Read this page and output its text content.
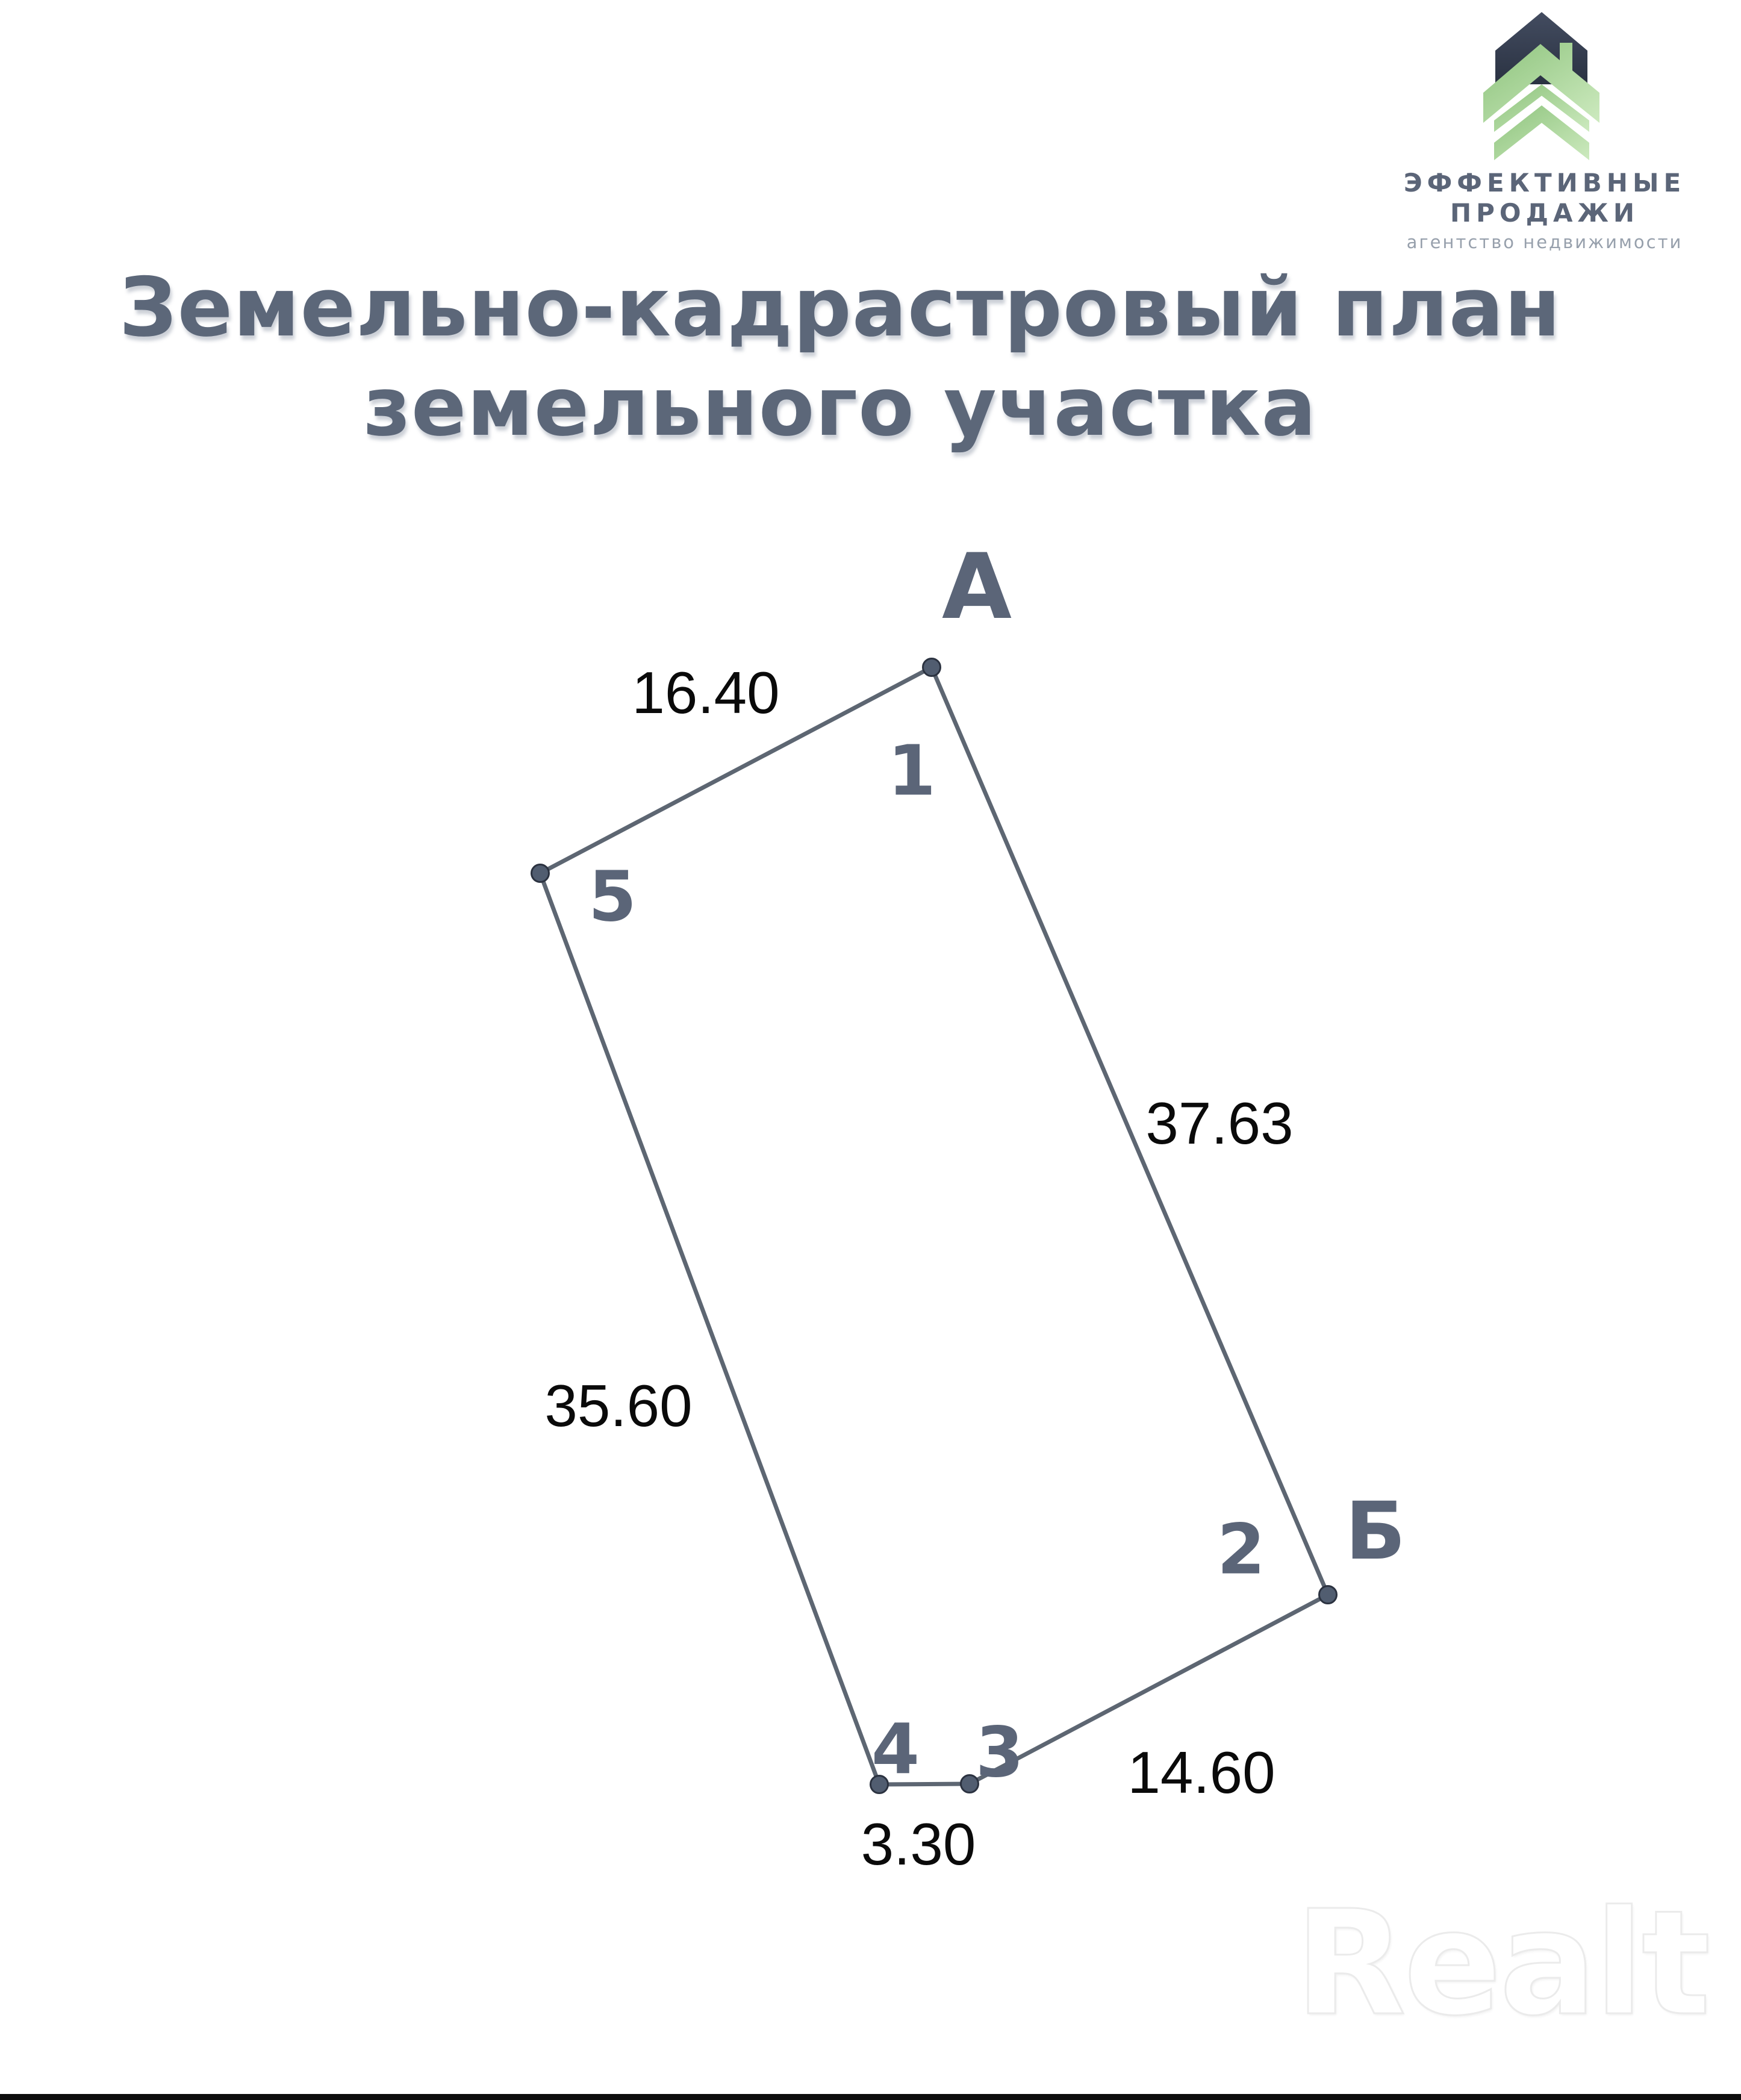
Земельно-кадрастровый план
земельного участка
ЭФФЕКТИВНЫЕ
ПРОДАЖИ
агентство недвижимости
А
Б
1
2
3
4
5
16.40
37.63
35.60
14.60
3.30
Realt
